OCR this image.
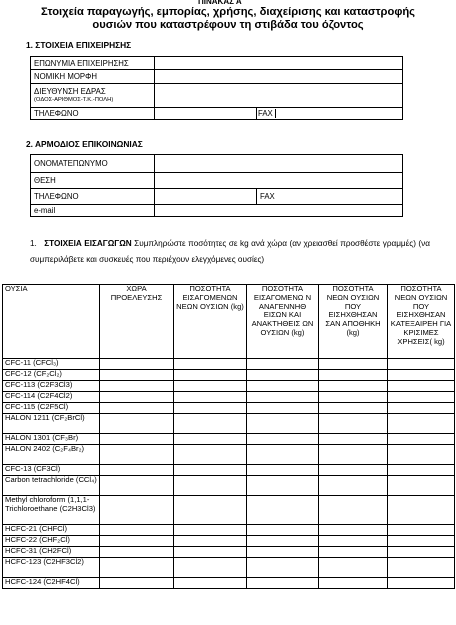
ΠΙΝΑΚΑΣ Α
Στοιχεία παραγωγής, εμπορίας, χρήσης, διαχείρισης και καταστροφής
ουσιών που καταστρέφουν τη στιβάδα του όζοντος
1. ΣΤΟΙΧΕΙΑ ΕΠΙΧΕΙΡΗΣΗΣ
ΕΠΩΝΥΜΙΑ ΕΠΙΧΕΙΡΗΣΗΣ		
ΝΟΜΙΚΗ ΜΟΡΦΗ		

ΔΙΕΥΘΥΝΣΗ ΕΔΡΑΣ
(ΟΔΟΣ-ΑΡΙΘΜΟΣ-Τ.Κ.-ΠΟΛΗ)		

ΤΗΛΕΦΩΝΟ		FAX
2. ΑΡΜΟΔΙΟΣ ΕΠΙΚΟΙΝΩΝΙΑΣ
ΟΝΟΜΑΤΕΠΩΝΥΜΟ		
ΘΕΣΗ		
ΤΗΛΕΦΩΝΟ		FAX
e-mail		
1. ΣΤΟΙΧΕΙΑ ΕΙΣΑΓΩΓΩΝ Συμπληρώστε ποσότητες σε kg ανά χώρα (αν χρειασθεί προσθέστε γραμμές) (να συμπεριλάβετε και συσκευές που περιέχουν ελεγχόμενες ουσίες)
ΟΥΣΙΑ	ΧΩΡΑ ΠΡΟΕΛΕΥΣΗΣ	ΠΟΣΟΤΗΤΑ ΕΙΣΑΓΟΜΕΝΩΝ ΝΕΩΝ ΟΥΣΙΩΝ (kg)	ΠΟΣΟΤΗΤΑ ΕΙΣΑΓΟΜΕΝΩ Ν ΑΝΑΓΕΝΝΗΘ ΕΙΣΩΝ ΚΑΙ ΑΝΑΚΤΗΘΕΙΣ ΩΝ ΟΥΣΙΩΝ (kg)	ΠΟΣΟΤΗΤΑ ΝΕΩΝ ΟΥΣΙΩΝ ΠΟΥ ΕΙΣΗΧΘΗΣΑΝ ΣΑΝ ΑΠΟΘΗΚΗ (kg)	ΠΟΣΟΤΗΤΑ ΝΕΩΝ ΟΥΣΙΩΝ ΠΟΥ ΕΙΣΗΧΘΗΣΑΝ ΚΑΤΕΞΑΙΡΕΗ ΓΙΑ ΚΡΙΣΙΜΕΣ ΧΡΗΣΕΙΣ( kg)
CFC-11 (CFCl₃)					
CFC-12 (CF₂Cl₂)					
CFC-113 (C2F3Cl3)					
CFC-114 (C2F4Cl2)					
CFC-115 (C2F5Cl)					
HALON 1211 (CF₂BrCl)					
HALON 1301 (CF₃Br)					
HALON 2402 (C₂F₄Br₂)					
CFC-13 (CF3Cl)					
Carbon tetrachloride (CCl₄)					
Methyl chloroform (1,1,1-Trichloroethane (C2H3Cl3)					
HCFC-21 (CHFCl)					
HCFC-22 (CHF₂Cl)					
HCFC-31 (CH2FCl)					
HCFC-123 (C2HF3Cl2)					
HCFC-124 (C2HF4Cl)					
